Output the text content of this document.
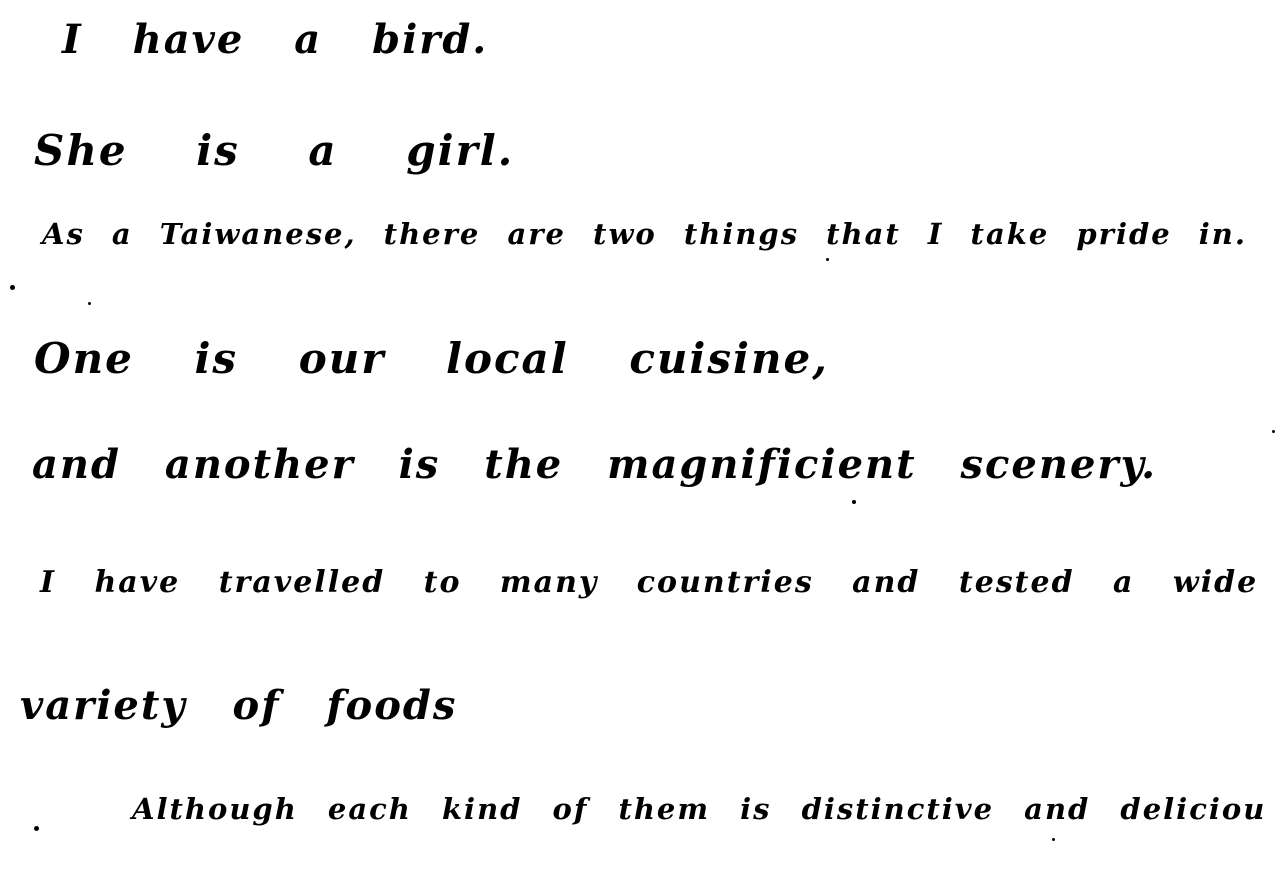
I have a bird.
She is a girl.
As a Taiwanese, there are two things that I take pride in.
One is our local cuisine,
and another is the magnificient scenery.
I have travelled to many countries and tested a wide
variety of foods
Although each kind of them is distinctive and deliciou
